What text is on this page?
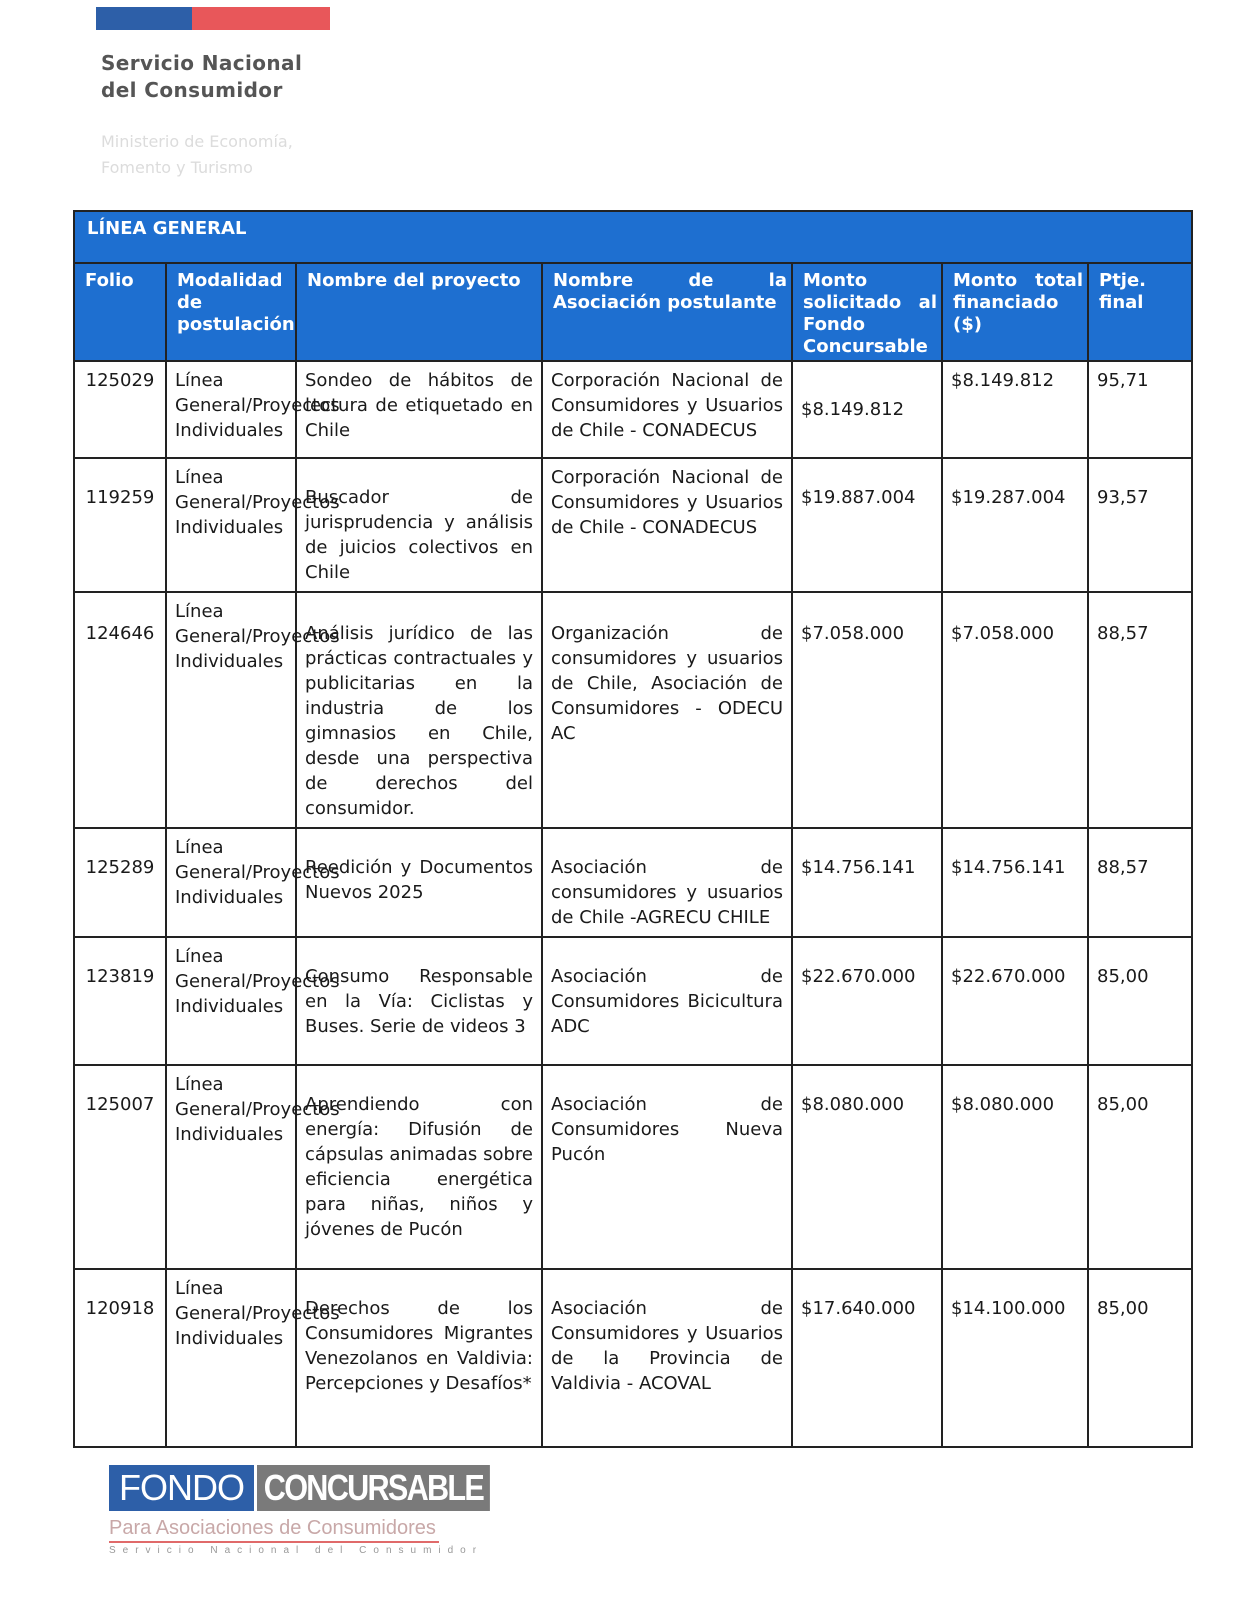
Servicio Nacional
del Consumidor
Ministerio de Economía,
Fomento y Turismo
LÍNEA GENERAL						
Folio	Modalidad de postulación	Nombre del proyecto	Nombre de la Asociación postulante	Monto solicitado al Fondo Concursable	Monto total financiado ($)	Ptje. final
125029	Línea General/Proyectos Individuales	Sondeo de hábitos de lectura de etiquetado en Chile	Corporación Nacional de Consumidores y Usuarios de Chile - CONADECUS	$8.149.812	$8.149.812	95,71
119259	Línea General/Proyectos Individuales	Buscador de jurisprudencia y análisis de juicios colectivos en Chile	Corporación Nacional de Consumidores y Usuarios de Chile - CONADECUS	$19.887.004	$19.287.004	93,57
124646	Línea General/Proyectos Individuales	Análisis jurídico de las prácticas contractuales y publicitarias en la industria de los gimnasios en Chile, desde una perspectiva de derechos del consumidor.	Organización de consumidores y usuarios de Chile, Asociación de Consumidores - ODECU AC	$7.058.000	$7.058.000	88,57
125289	Línea General/Proyectos Individuales	Reedición y Documentos Nuevos 2025	Asociación de consumidores y usuarios de Chile -AGRECU CHILE	$14.756.141	$14.756.141	88,57
123819	Línea General/Proyectos Individuales	Consumo Responsable en la Vía: Ciclistas y Buses. Serie de videos 3	Asociación de Consumidores Bicicultura ADC	$22.670.000	$22.670.000	85,00
125007	Línea General/Proyectos Individuales	Aprendiendo con energía: Difusión de cápsulas animadas sobre eficiencia energética para niñas, niños y jóvenes de Pucón	Asociación de Consumidores Nueva Pucón	$8.080.000	$8.080.000	85,00
120918	Línea General/Proyectos Individuales	Derechos de los Consumidores Migrantes Venezolanos en Valdivia: Percepciones y Desafíos*	Asociación de Consumidores y Usuarios de la Provincia de Valdivia - ACOVAL	$17.640.000	$14.100.000	85,00
FONDO CONCURSABLE
Para Asociaciones de Consumidores
Servicio Nacional del Consumidor
